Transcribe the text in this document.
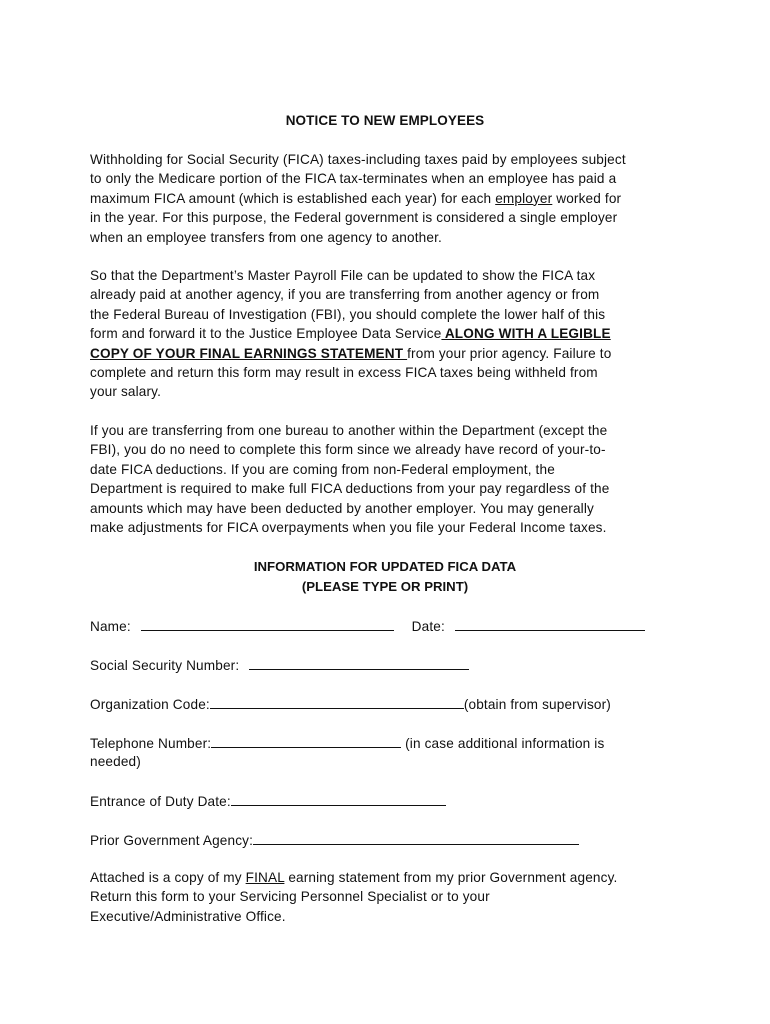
NOTICE TO NEW EMPLOYEES
Withholding for Social Security (FICA) taxes-including taxes paid by employees subject
to only the Medicare portion of the FICA tax-terminates when an employee has paid a
maximum FICA amount (which is established each year) for each employer worked for
in the year. For this purpose, the Federal government is considered a single employer
when an employee transfers from one agency to another.
So that the Department’s Master Payroll File can be updated to show the FICA tax
already paid at another agency, if you are transferring from another agency or from
the Federal Bureau of Investigation (FBI), you should complete the lower half of this
form and forward it to the Justice Employee Data Service ALONG WITH A LEGIBLE
COPY OF YOUR FINAL EARNINGS STATEMENT from your prior agency. Failure to
complete and return this form may result in excess FICA taxes being withheld from
your salary.
If you are transferring from one bureau to another within the Department (except the
FBI), you do no need to complete this form since we already have record of your-to-
date FICA deductions. If you are coming from non-Federal employment, the
Department is required to make full FICA deductions from your pay regardless of the
amounts which may have been deducted by another employer. You may generally
make adjustments for FICA overpayments when you file your Federal Income taxes.
INFORMATION FOR UPDATED FICA DATA
(PLEASE TYPE OR PRINT)
Name:	Date:
Social Security Number:
Organization Code:	(obtain from supervisor)
Telephone Number:	(in case additional information is
needed)
Entrance of Duty Date:
Prior Government Agency:
Attached is a copy of my FINAL earning statement from my prior Government agency.
Return this form to your Servicing Personnel Specialist or to your
Executive/Administrative Office.
